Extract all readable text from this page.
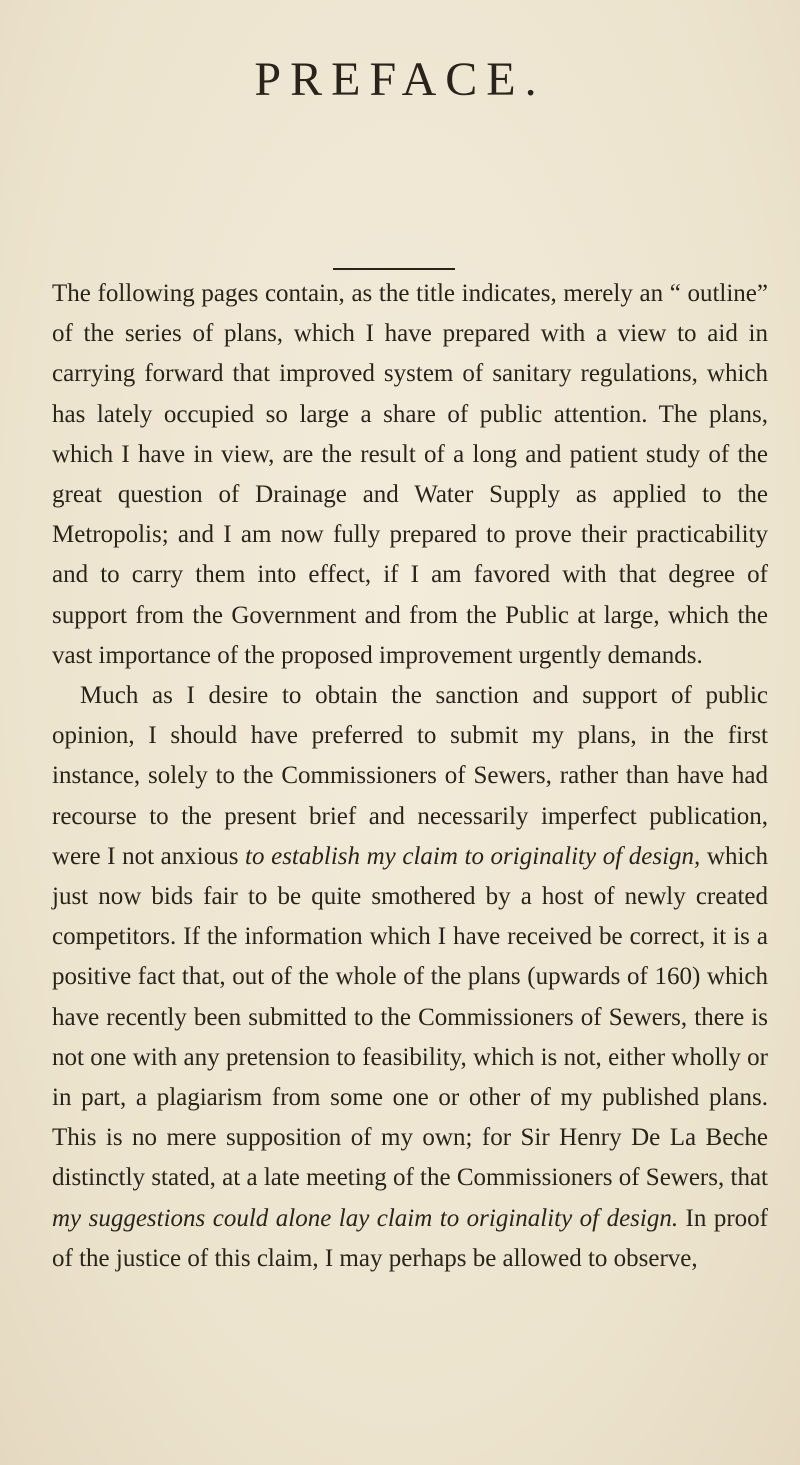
PREFACE.

The following pages contain, as the title indicates, merely an “ outline” of the series of plans, which I have prepared with a view to aid in carrying forward that improved system of sanitary regulations, which has lately occupied so large a share of public attention. The plans, which I have in view, are the result of a long and patient study of the great question of Drainage and Water Supply as applied to the Metropolis; and I am now fully prepared to prove their practicability and to carry them into effect, if I am favored with that degree of support from the Government and from the Public at large, which the vast importance of the proposed improvement urgently demands.

Much as I desire to obtain the sanction and support of public opinion, I should have preferred to submit my plans, in the first instance, solely to the Commissioners of Sewers, rather than have had recourse to the present brief and necessarily imperfect publication, were I not anxious to establish my claim to originality of design, which just now bids fair to be quite smothered by a host of newly created competitors. If the information which I have received be correct, it is a positive fact that, out of the whole of the plans (upwards of 160) which have recently been submitted to the Commissioners of Sewers, there is not one with any pretension to feasibility, which is not, either wholly or in part, a plagiarism from some one or other of my published plans. This is no mere supposition of my own; for Sir Henry De La Beche distinctly stated, at a late meeting of the Commissioners of Sewers, that my suggestions could alone lay claim to originality of design. In proof of the justice of this claim, I may perhaps be allowed to observe,
